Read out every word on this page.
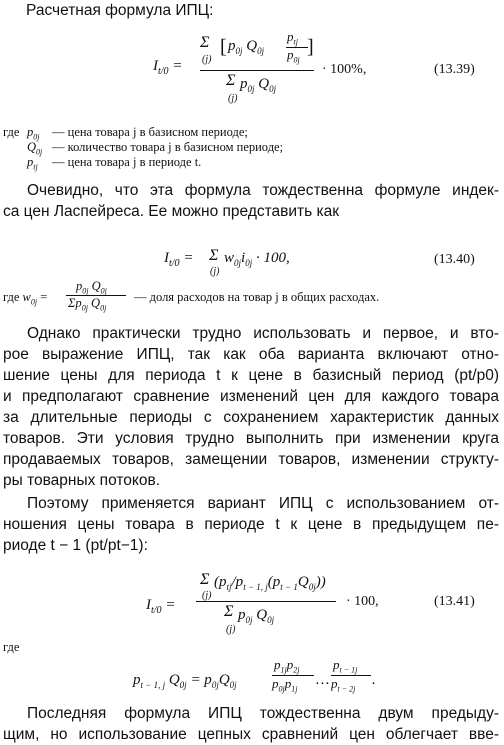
Расчетная формула ИПЦ:
$I_{t/0}$ =
Σ
(j)
[ $p_{0j}$ $Q_{0j}$
$p_{tj}$
$p_{0j}$
]
Σ $p_{0j}$ $Q_{0j}$
(j)
· 100%,	(13.39)
где $p_{0j}$ — цена товара j в базисном периоде;
$Q_{0j}$ — количество товара j в базисном периоде;
$p_{tj}$ — цена товара j в периоде t.
Очевидно, что эта формула тождественна формуле индек-
са цен Ласпейреса. Ее можно представить как
$I_{t/0} = \Sigma$
(j)
$w_{0j}i_{0j} \cdot 100$,	(13.40)
где $w_{0j}$ =
$p_{0j}$ $Q_{0j}$
$\Sigma p_{0j}$ $Q_{0j}$
— доля расходов на товар j в общих расходах.
Однако практически трудно использовать и первое, и вто-
рое выражение ИПЦ, так как оба варианта включают отно-
шение цены для периода t к цене в базисный период (pt/p0)
и предполагают сравнение изменений цен для каждого товара
за длительные периоды с сохранением характеристик данных
товаров. Эти условия трудно выполнить при изменении круга
продаваемых товаров, замещении товаров, изменении структу-
ры товарных потоков.
Поэтому применяется вариант ИПЦ с использованием от-
ношения цены товара в периоде t к цене в предыдущем пе-
риоде t − 1 (pt/pt−1):
$I_{t/0}$ =
Σ
(j)
$(p_{tj}/p_{t - 1, j}(p_{t - 1}Q_{0j}))$
Σ $p_{0j}$ $Q_{0j}$
(j)
· 100,	(13.41)
где
$p_{t - 1, j}$ $Q_{0j} = p_{0j}Q_{0j}$
$p_{1j}p_{2j}$
$p_{0j}p_{1j}$
…
$p_{t - 1j}$
$p_{t - 2j}$
.
Последняя формула ИПЦ тождественна двум предыду-
щим, но использование цепных сравнений цен облегчает вве-
